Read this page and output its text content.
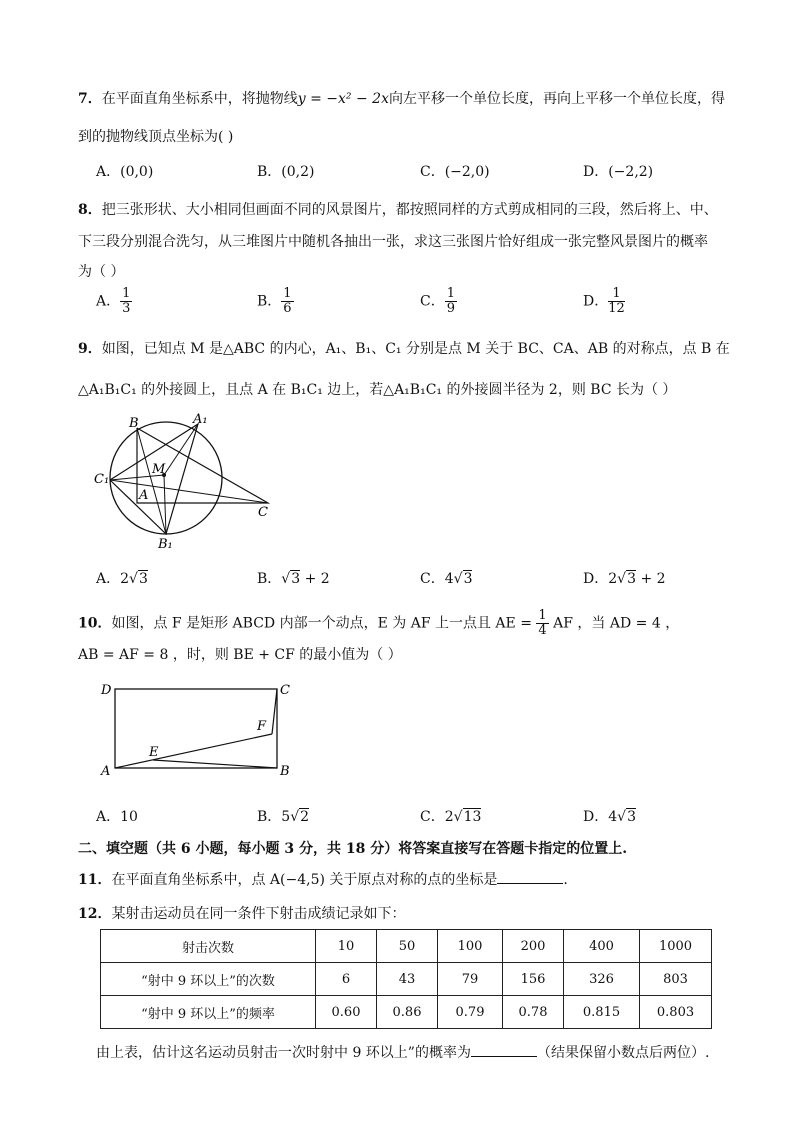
7．在平面直角坐标系中，将抛物线y = −x² − 2x向左平移一个单位长度，再向上平移一个单位长度，得
到的抛物线顶点坐标为( )
A．(0,0)	B．(0,2)	C．(−2,0)	D．(−2,2)
8．把三张形状、大小相同但画面不同的风景图片，都按照同样的方式剪成相同的三段，然后将上、中、
下三段分别混合洗匀，从三堆图片中随机各抽出一张，求这三张图片恰好组成一张完整风景图片的概率
为（ ）
A． $\frac{1}{3}$	B． $\frac{1}{6}$	C． $\frac{1}{9}$	D． $\frac{1}{12}$
9．如图，已知点 M 是△ABC 的内心，A₁、B₁、C₁ 分别是点 M 关于 BC、CA、AB 的对称点，点 B 在
△A₁B₁C₁ 的外接圆上，且点 A 在 B₁C₁ 边上，若△A₁B₁C₁ 的外接圆半径为 2，则 BC 长为（ ）
B	A₁
M
C₁
A
C
B₁
A．2√3	B．√3 + 2	C．4√3	D．2√3 + 2
10．如图，点 F 是矩形 ABCD 内部一个动点，E 为 AF 上一点且 AE = $\frac{1}{4}$ AF ，当 AD = 4 ，
AB = AF = 8 ，时，则 BE + CF 的最小值为（ ）
D	C
F
E
A	B
A．10	B．5√2	C．2√13	D．4√3
二、填空题（共 6 小题，每小题 3 分，共 18 分）将答案直接写在答题卡指定的位置上.
11．在平面直角坐标系中，点 A(−4,5) 关于原点对称的点的坐标是	.
12．某射击运动员在同一条件下射击成绩记录如下：
射击次数	10	50	100	200	400	1000
“射中 9 环以上”的次数	6	43	79	156	326	803
“射中 9 环以上”的频率	0.60	0.86	0.79	0.78	0.815	0.803
由上表，估计这名运动员射击一次时射中 9 环以上”的概率为	（结果保留小数点后两位）.
